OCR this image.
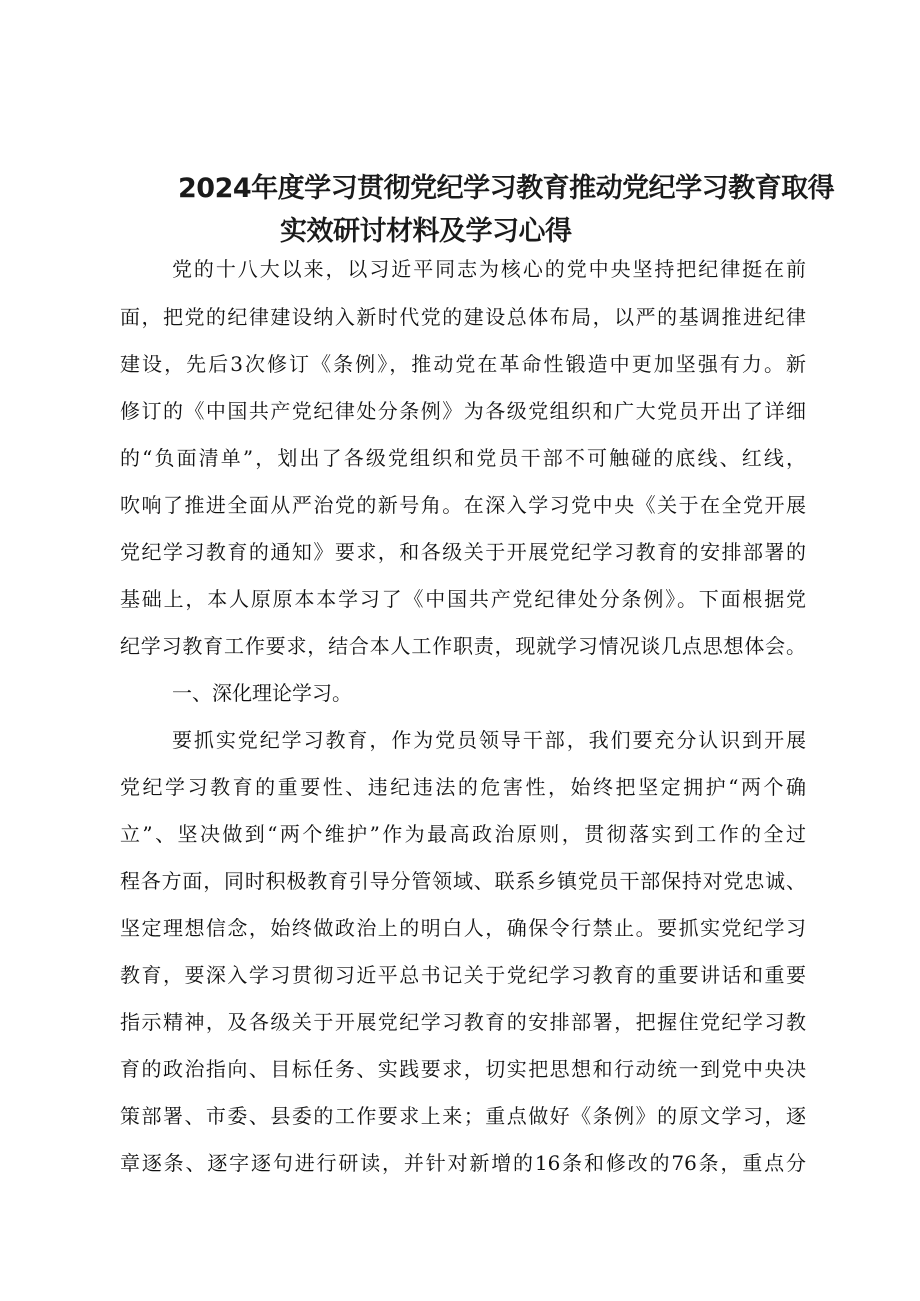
2024年度学习贯彻党纪学习教育推动党纪学习教育取得
实效研讨材料及学习心得
党的十八大以来，以习近平同志为核心的党中央坚持把纪律挺在前
面，把党的纪律建设纳入新时代党的建设总体布局，以严的基调推进纪律
建设，先后3次修订《条例》，推动党在革命性锻造中更加坚强有力。新
修订的《中国共产党纪律处分条例》为各级党组织和广大党员开出了详细
的“负面清单”，划出了各级党组织和党员干部不可触碰的底线、红线，
吹响了推进全面从严治党的新号角。在深入学习党中央《关于在全党开展
党纪学习教育的通知》要求，和各级关于开展党纪学习教育的安排部署的
基础上，本人原原本本学习了《中国共产党纪律处分条例》。下面根据党
纪学习教育工作要求，结合本人工作职责，现就学习情况谈几点思想体会。
一、深化理论学习。
要抓实党纪学习教育，作为党员领导干部，我们要充分认识到开展
党纪学习教育的重要性、违纪违法的危害性，始终把坚定拥护“两个确
立”、坚决做到“两个维护”作为最高政治原则，贯彻落实到工作的全过
程各方面，同时积极教育引导分管领域、联系乡镇党员干部保持对党忠诚、
坚定理想信念，始终做政治上的明白人，确保令行禁止。要抓实党纪学习
教育，要深入学习贯彻习近平总书记关于党纪学习教育的重要讲话和重要
指示精神，及各级关于开展党纪学习教育的安排部署，把握住党纪学习教
育的政治指向、目标任务、实践要求，切实把思想和行动统一到党中央决
策部署、市委、县委的工作要求上来；重点做好《条例》的原文学习，逐
章逐条、逐字逐句进行研读，并针对新增的16条和修改的76条，重点分
